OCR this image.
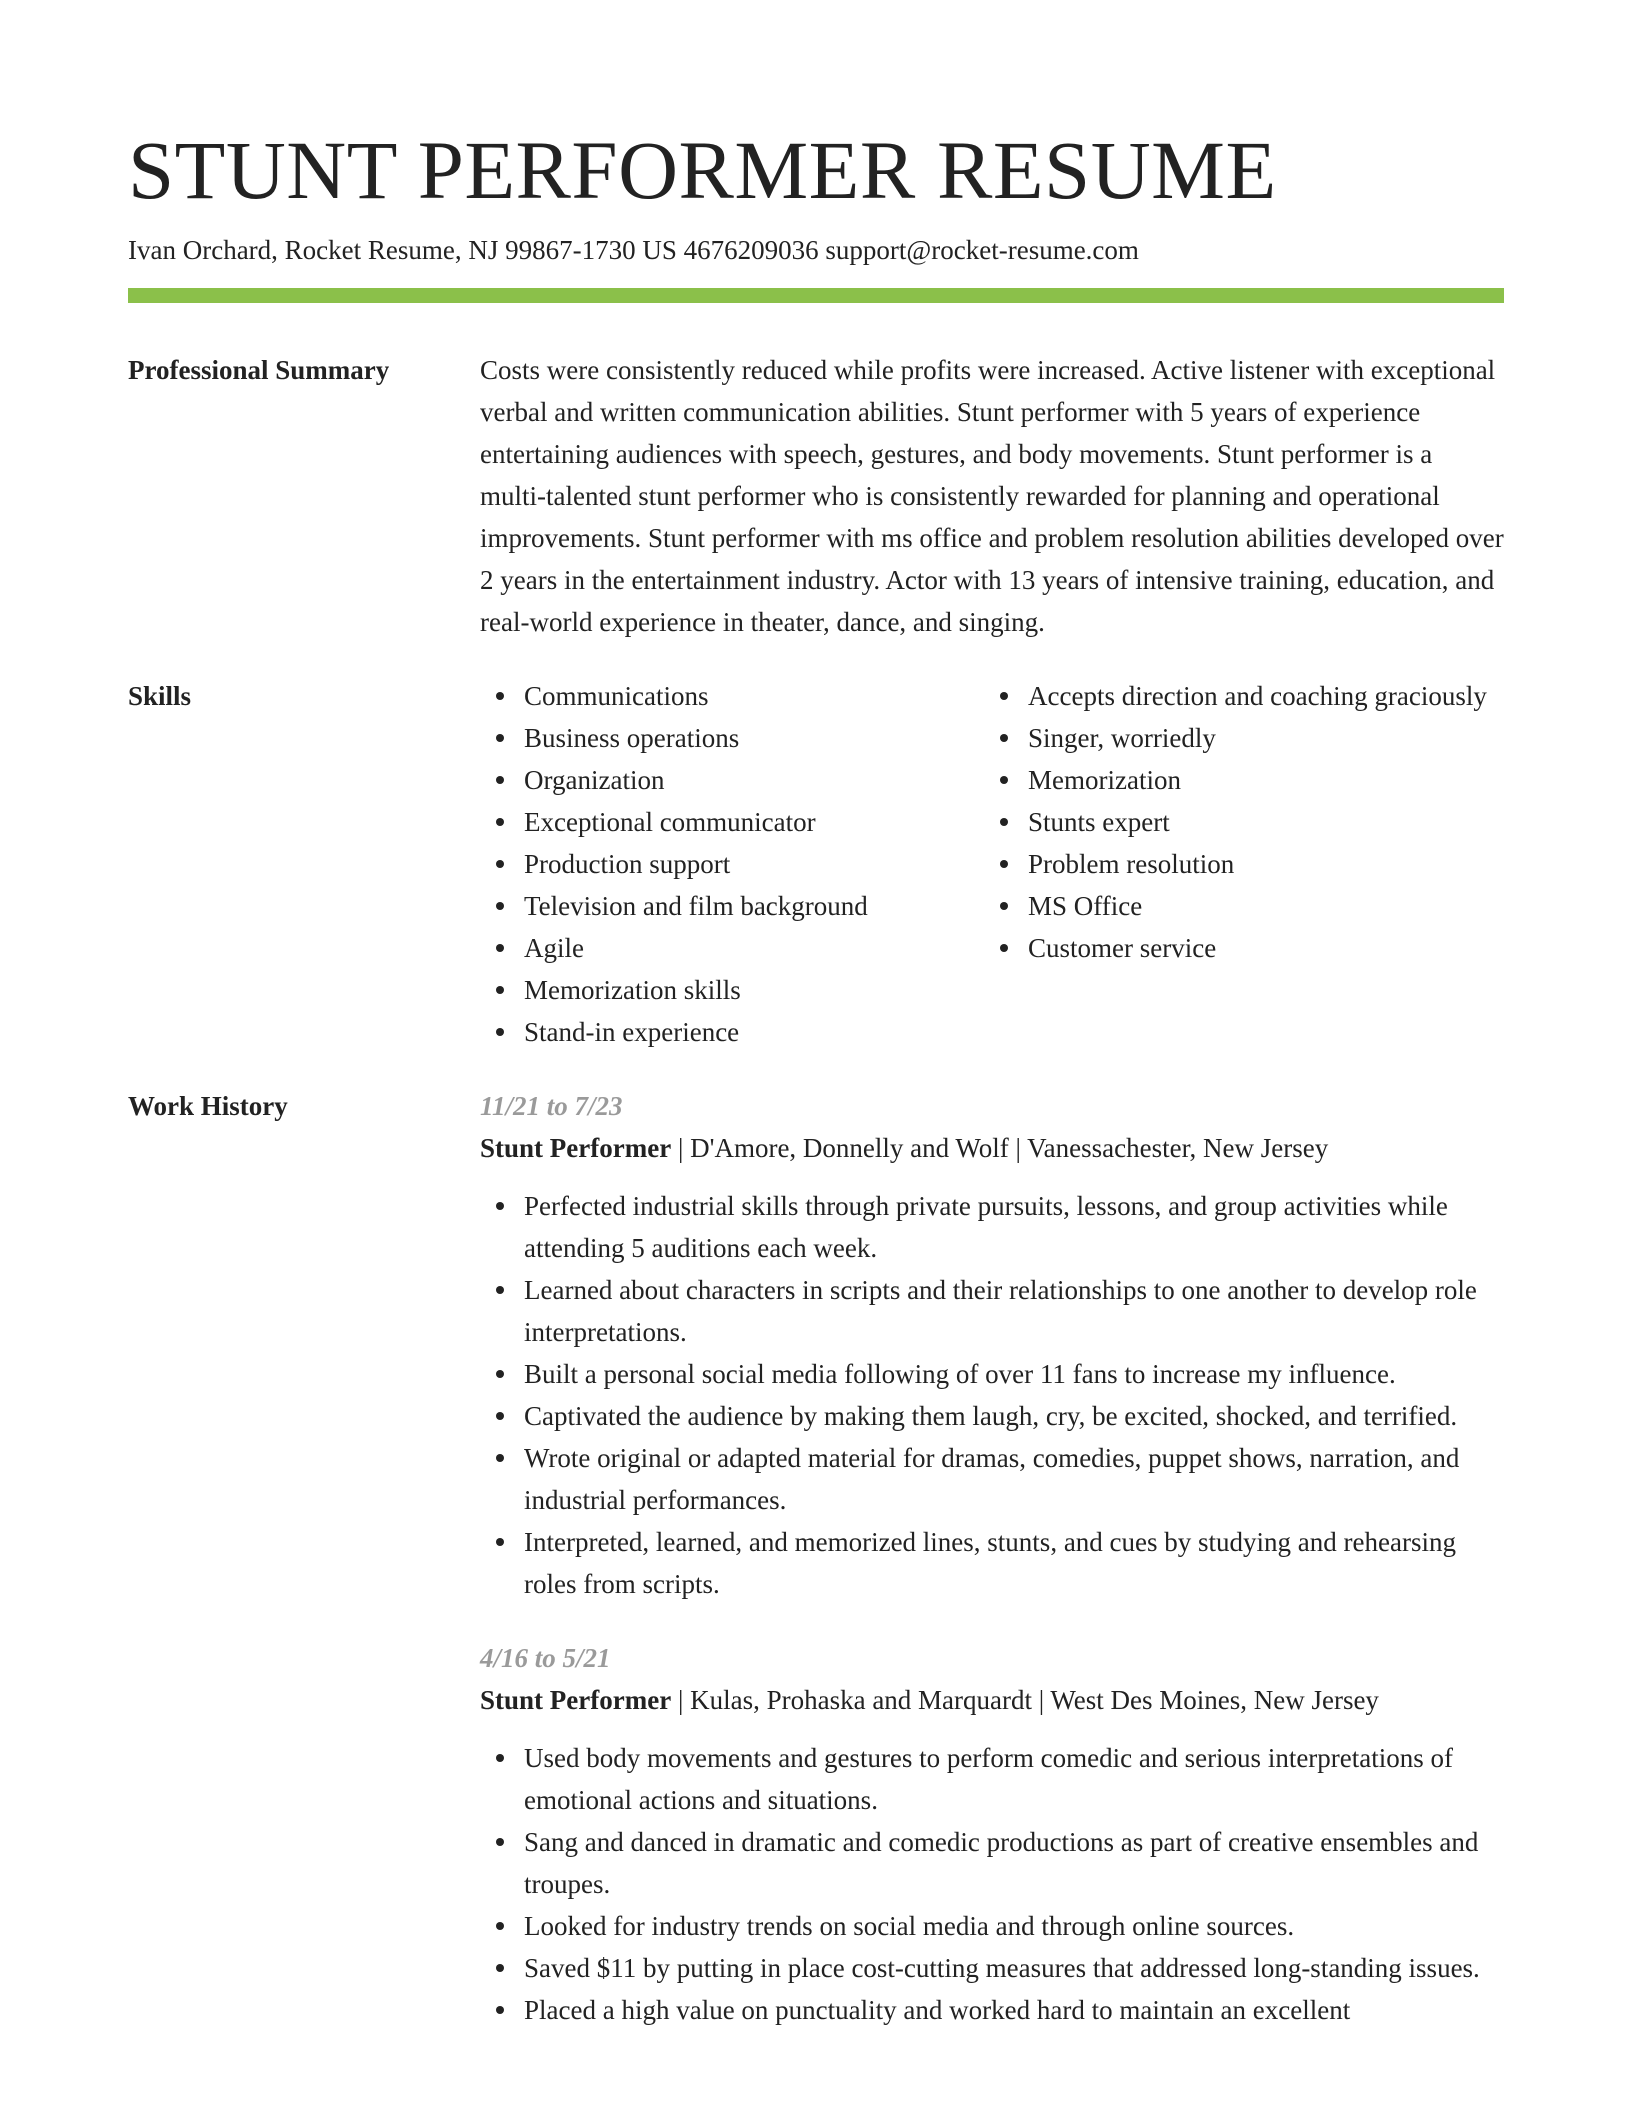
STUNT PERFORMER RESUME
Ivan Orchard, Rocket Resume, NJ 99867-1730 US 4676209036 support@rocket-resume.com
Professional Summary	Costs were consistently reduced while profits were increased. Active listener with exceptional verbal and written communication abilities. Stunt performer with 5 years of experience entertaining audiences with speech, gestures, and body movements. Stunt performer is a multi-talented stunt performer who is consistently rewarded for planning and operational improvements. Stunt performer with ms office and problem resolution abilities developed over 2 years in the entertainment industry. Actor with 13 years of intensive training, education, and real-world experience in theater, dance, and singing.
Skills	Communications
Business operations
Organization
Exceptional communicator
Production support
Television and film background
Agile
Memorization skills
Stand-in experience
Accepts direction and coaching graciously
Singer, worriedly
Memorization
Stunts expert
Problem resolution
MS Office
Customer service
Work History	11/21 to 7/23
Stunt Performer | D'Amore, Donnelly and Wolf | Vanessachester, New Jersey
Perfected industrial skills through private pursuits, lessons, and group activities while attending 5 auditions each week.
Learned about characters in scripts and their relationships to one another to develop role interpretations.
Built a personal social media following of over 11 fans to increase my influence.
Captivated the audience by making them laugh, cry, be excited, shocked, and terrified.
Wrote original or adapted material for dramas, comedies, puppet shows, narration, and industrial performances.
Interpreted, learned, and memorized lines, stunts, and cues by studying and rehearsing roles from scripts.
4/16 to 5/21
Stunt Performer | Kulas, Prohaska and Marquardt | West Des Moines, New Jersey
Used body movements and gestures to perform comedic and serious interpretations of emotional actions and situations.
Sang and danced in dramatic and comedic productions as part of creative ensembles and troupes.
Looked for industry trends on social media and through online sources.
Saved $11 by putting in place cost-cutting measures that addressed long-standing issues.
Placed a high value on punctuality and worked hard to maintain an excellent
